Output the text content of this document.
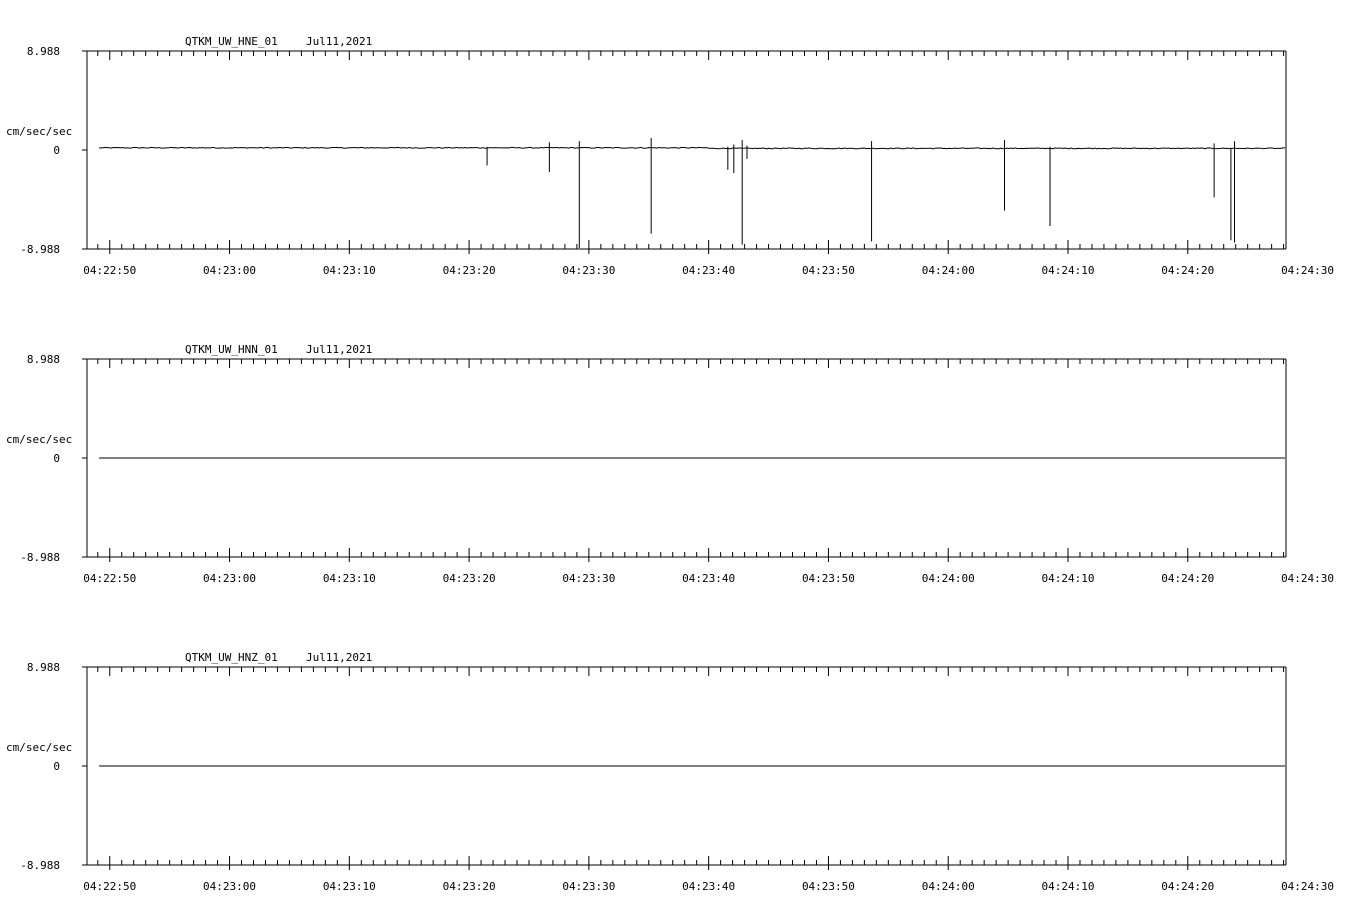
QTKM_UW_HNE_01	Jul11,2021
8.988
0
-8.988
cm/sec/sec
04:22:50	04:23:00	04:23:10	04:23:20	04:23:30	04:23:40	04:23:50	04:24:00	04:24:10	04:24:20	04:24:30
QTKM_UW_HNN_01	Jul11,2021
8.988
0
-8.988
cm/sec/sec
04:22:50	04:23:00	04:23:10	04:23:20	04:23:30	04:23:40	04:23:50	04:24:00	04:24:10	04:24:20	04:24:30
QTKM_UW_HNZ_01	Jul11,2021
8.988
0
-8.988
cm/sec/sec
04:22:50	04:23:00	04:23:10	04:23:20	04:23:30	04:23:40	04:23:50	04:24:00	04:24:10	04:24:20	04:24:30
